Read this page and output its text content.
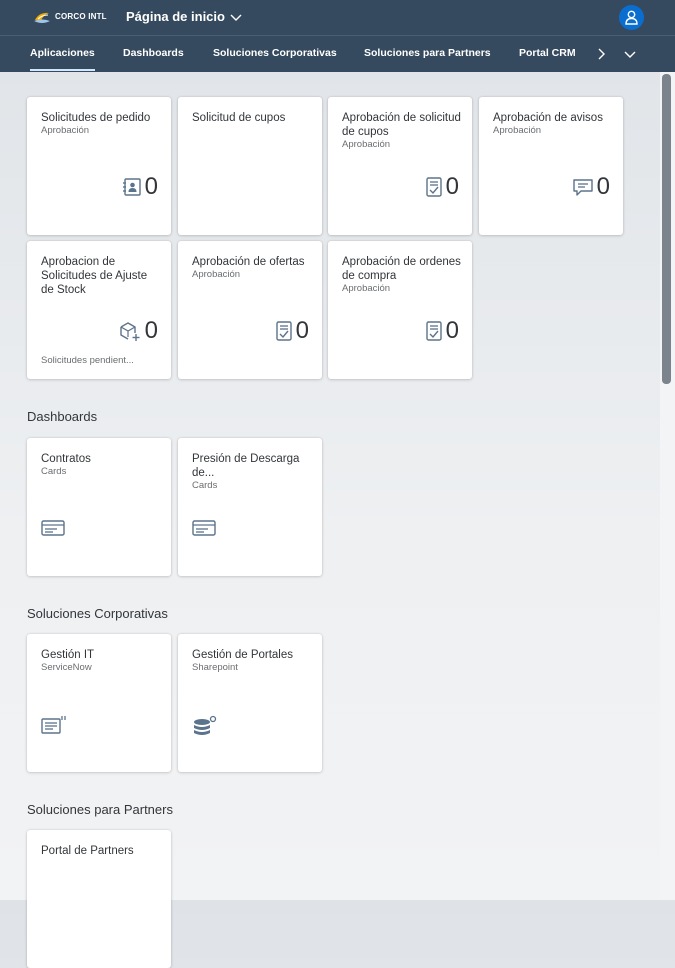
CORCO INTL Página de inicio
Aplicaciones	Dashboards	Soluciones Corporativas	Soluciones para Partners	Portal CRM
Solicitudes de pedido
Aprobación
0
Solicitud de cupos	Aprobación de solicitud de cupos
Aprobación
0
Aprobación de avisos
Aprobación
0
Aprobacion de Solicitudes de Ajuste de Stock
0
Solicitudes pendient...
Aprobación de ofertas
Aprobación
0
Aprobación de ordenes de compra
Aprobación
0
Dashboards
Contratos
Cards
Presión de Descarga de...
Cards
Soluciones Corporativas
Gestión IT
ServiceNow
Gestión de Portales
Sharepoint
Soluciones para Partners
Portal de Partners
